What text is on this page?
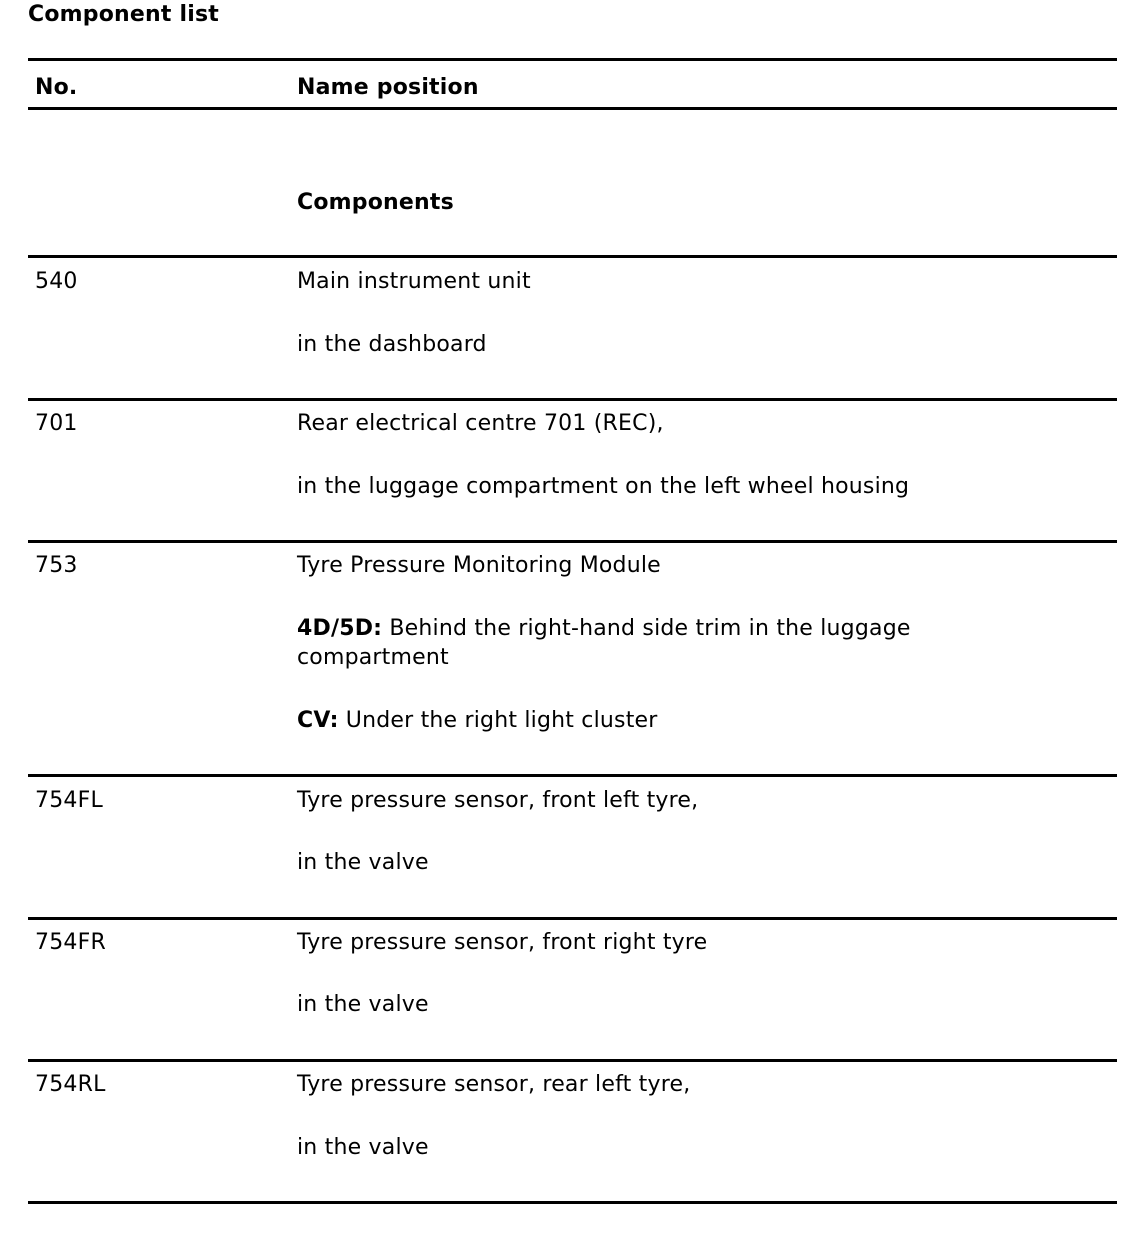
Component list
No.	Name position
Components
540	Main instrument unit
in the dashboard
701	Rear electrical centre 701 (REC),
in the luggage compartment on the left wheel housing
753	Tyre Pressure Monitoring Module
4D/5D: Behind the right-hand side trim in the luggage compartment
CV: Under the right light cluster
754FL	Tyre pressure sensor, front left tyre,
in the valve
754FR	Tyre pressure sensor, front right tyre
in the valve
754RL	Tyre pressure sensor, rear left tyre,
in the valve
